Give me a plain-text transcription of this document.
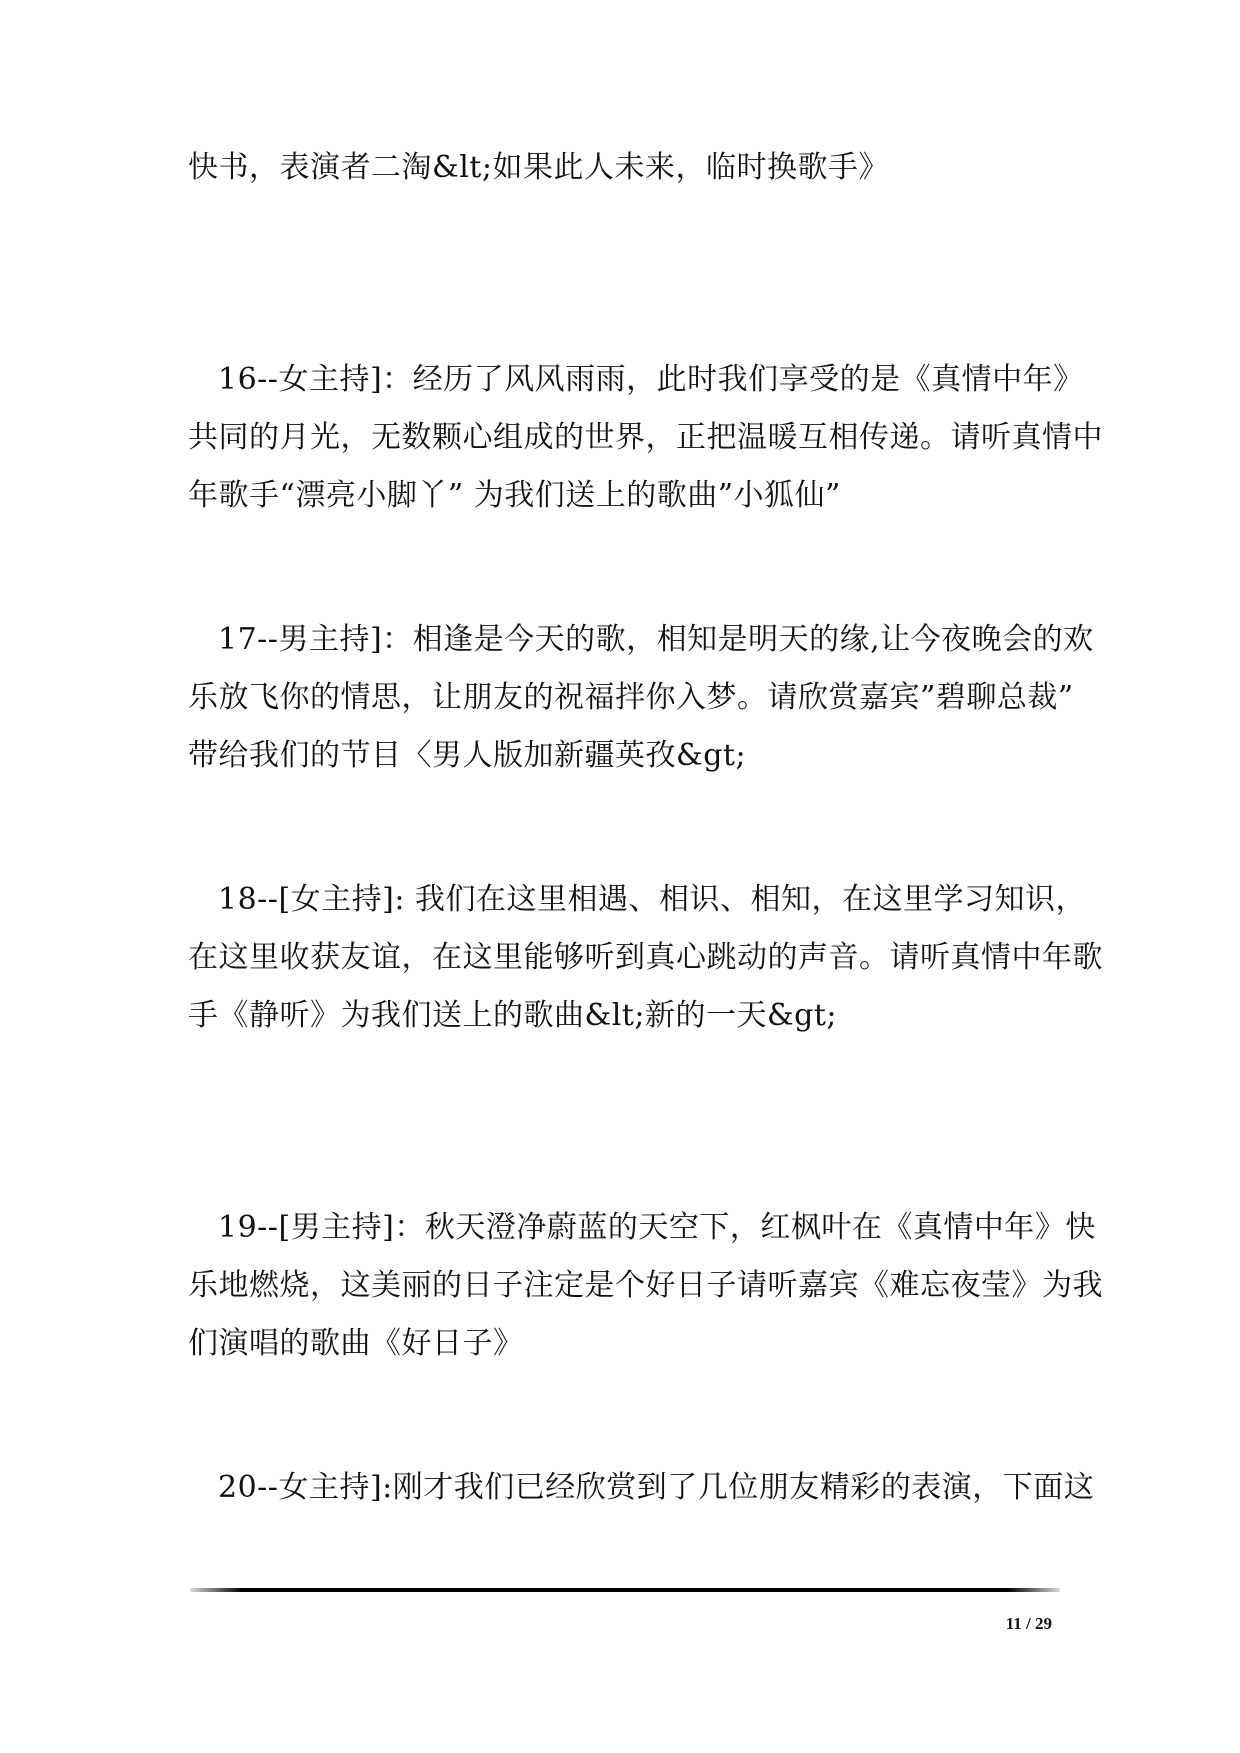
快书，表演者二淘&lt;如果此人未来，临时换歌手》
16--女主持]：经历了风风雨雨，此时我们享受的是《真情中年》
共同的月光，无数颗心组成的世界，正把温暖互相传递。请听真情中
年歌手“漂亮小脚丫” 为我们送上的歌曲”小狐仙”
17--男主持]：相逢是今天的歌，相知是明天的缘,让今夜晚会的欢
乐放飞你的情思，让朋友的祝福拌你入梦。请欣赏嘉宾”碧聊总裁”
带给我们的节目〈男人版加新疆英孜&gt;
18--[女主持]: 我们在这里相遇、相识、相知，在这里学习知识，
在这里收获友谊，在这里能够听到真心跳动的声音。请听真情中年歌
手《静听》为我们送上的歌曲&lt;新的一天&gt;
19--[男主持]：秋天澄净蔚蓝的天空下，红枫叶在《真情中年》快
乐地燃烧，这美丽的日子注定是个好日子请听嘉宾《难忘夜莹》为我
们演唱的歌曲《好日子》
20--女主持]:刚才我们已经欣赏到了几位朋友精彩的表演，下面这
11 / 29
